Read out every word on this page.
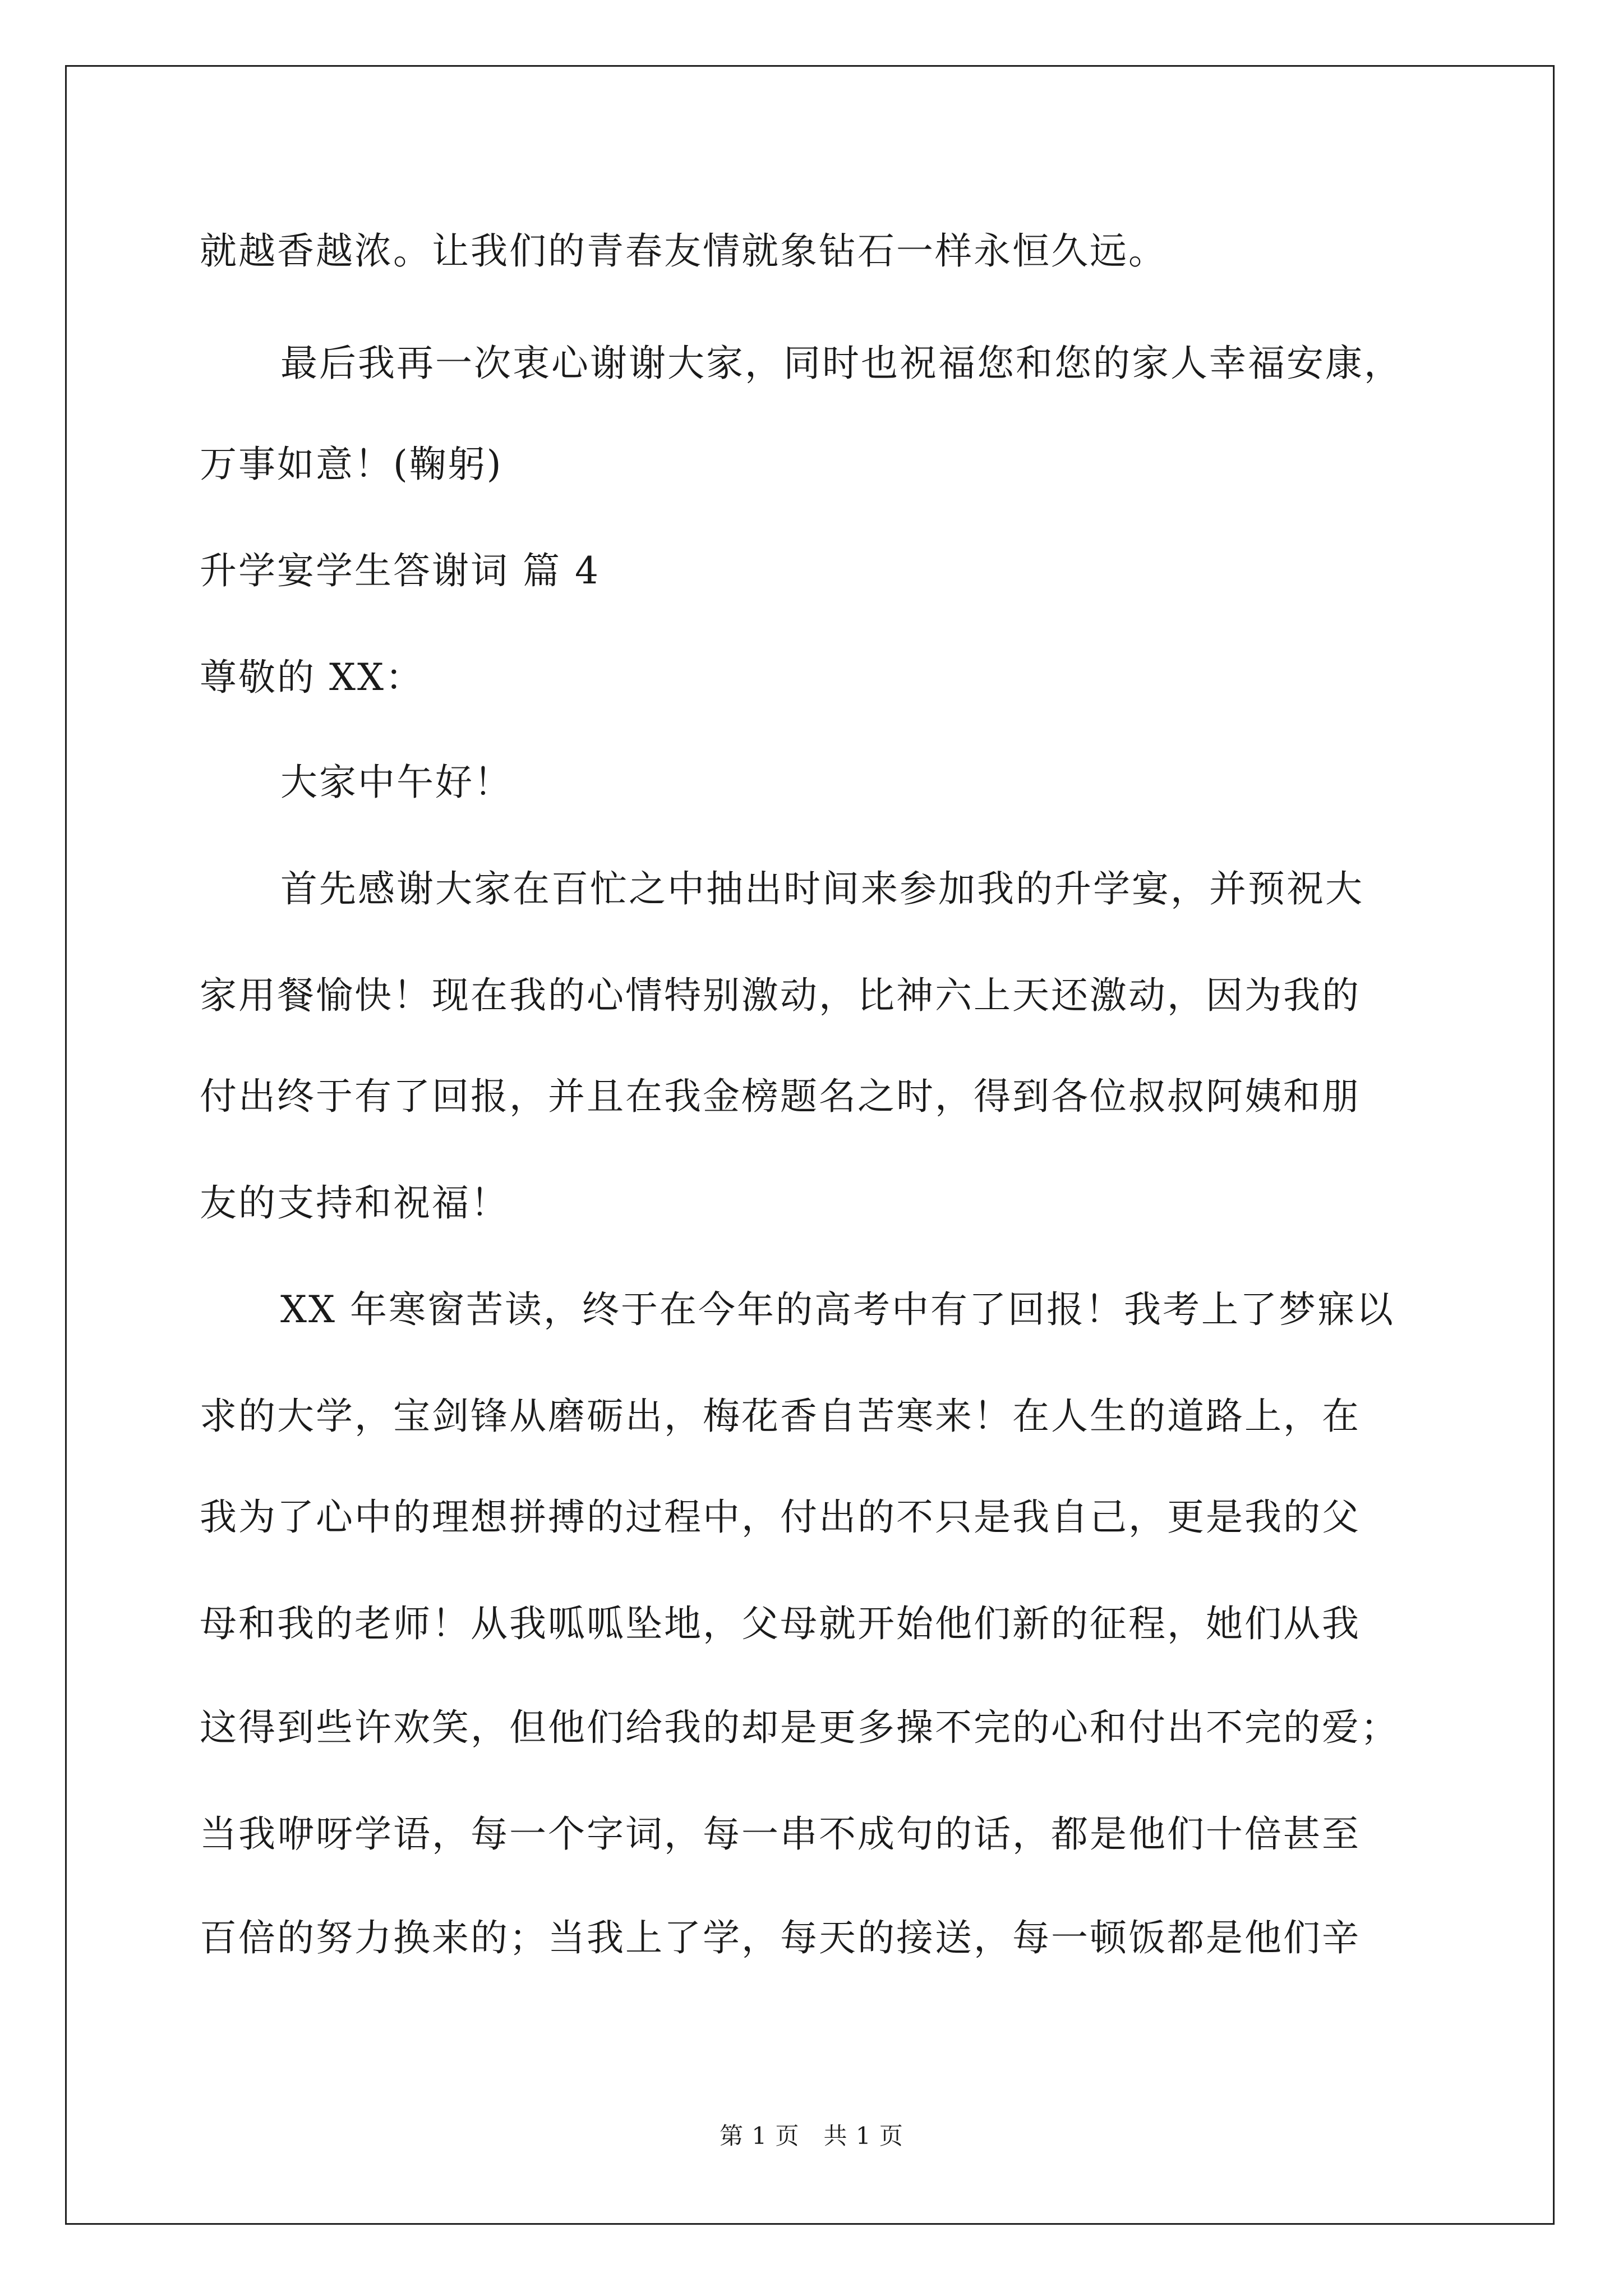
就越香越浓。让我们的青春友情就象钻石一样永恒久远。
最后我再一次衷心谢谢大家，同时也祝福您和您的家人幸福安康，
万事如意！(鞠躬)
升学宴学生答谢词 篇 4
尊敬的 XX：
大家中午好！
首先感谢大家在百忙之中抽出时间来参加我的升学宴，并预祝大
家用餐愉快！现在我的心情特别激动，比神六上天还激动，因为我的
付出终于有了回报，并且在我金榜题名之时，得到各位叔叔阿姨和朋
友的支持和祝福！
XX 年寒窗苦读，终于在今年的高考中有了回报！我考上了梦寐以
求的大学，宝剑锋从磨砺出，梅花香自苦寒来！在人生的道路上，在
我为了心中的理想拼搏的过程中，付出的不只是我自己，更是我的父
母和我的老师！从我呱呱坠地，父母就开始他们新的征程，她们从我
这得到些许欢笑，但他们给我的却是更多操不完的心和付出不完的爱；
当我咿呀学语，每一个字词，每一串不成句的话，都是他们十倍甚至
百倍的努力换来的；当我上了学，每天的接送，每一顿饭都是他们辛
第 1 页　共 1 页
